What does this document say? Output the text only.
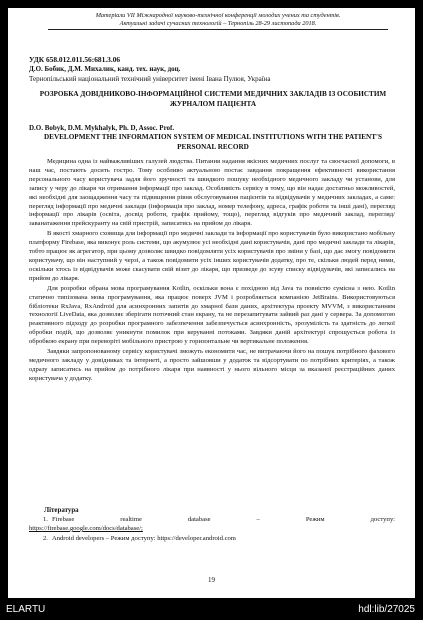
Матеріали VII Міжнародної науково-технічної конференції молодих учених та студентів.
Актуальні задачі сучасних технологій – Тернопіль 28-29 листопада 2018.
УДК 658.012.011.56:681.3.06
Д.О. Бобик, Д.М. Михалик, канд. тех. наук, доц.
Тернопільський національний технічний університет імені Івана Пулюя, Україна
РОЗРОБКА ДОВІДНИКОВО-ІНФОРМАЦІЙНОЇ СИСТЕМИ МЕДИЧНИХ ЗАКЛАДІВ ІЗ ОСОБИСТИМ ЖУРНАЛОМ ПАЦІЄНТА
D.O. Bobyk, D.M. Mykhalyk, Ph. D, Assoc. Prof.
DEVELOPMENT THE INFORMATION SYSTEM OF MEDICAL INSTITUTIONS WITH THE PATIENT'S PERSONAL RECORD

Медицина одна із найважливіших галузей людства. Питання надання якісних медичних послуг та своєчасної допомоги, в наш час, постають досить гостро. Тому особливо актуальною постає завдання покращення ефективності використання персонального часу користувача задля його зручності та швидкого пошуку необхідного медичного закладу чи установи, для запису у черу до лікаря чи отримання інформації про заклад. Особливість сервісу в тому, що він надає достатньо можливостей, які необхідні для заощадження часу та підвищення рівня обслуговування пацієнтів та відвідувачів у медичних закладах, а саме: перегляд інформації про медичні заклади (інформація про заклад, номер телефону, адреса, графік роботи та інші дані), перегляд інформації про лікарів (освіта, досвід роботи, графік прийому, тощо), перегляд відгуків про медичний заклад, перегляд/заванатаження прейскуранту на свій пристрій, записатись на прийом до лікаря.

В якості хмарного сховища для інформації про медичні заклади та інформації про користувачів було використано мобільну платформу Firebase, яка виконує роль системи, що акумулює усі необхідні дані користувачів, дані про медичні заклади та лікарів, тобто працює як агрегатор, при цьому дозволяє швидко повідомляти усіх користувачів про зміни у базі, що дає змогу повідомити користувачу, що він наступний у черзі, а також повідомити усіх інших користувачів додатку, про те, скільки людей перед ними, оскільки хтось із відвідувачів може скасувати свій візит до лікаря, що призведе до зсуву списку відвідувачів, які записались на прийом до лікаря.

Для розробки обрана мова програмування Kotlin, оскільки вона є похідною від Java та повністю сумісна з нею. Kotlin статично типізована мова програмування, яка працює поверх JVM і розробляється компанією JetBrains. Використовуються бібліотеки RxJava, RxAndroid для асинхронних запитів до хмарної бази даних, архітектура проекту MVVM, з використанням технології LiveData, яка дозволяє зберігати поточний стан екрану, та не перезапитувати зайвий раз дані у сервера. За допомогою реактивного підходу до розробки програмного забезпечення забезпечується асинхронність, зрозумілість та здатність до легкої обробки подій, що дозволяє уникнути помилок при керуванні потоками. Завдяки даній архітектурі спрощується робота із обробкою екрану при переворіті мобільного пристрою у горизонтальне чи вертикальне положення.

Завдяки запропонованому сервісу користувачі зможуть економити час, не витрачаючи його на пошук потрібного фахового медичного закладу у довідниках та інтернеті, а просто зайшовши у додаток та відсортувати по потрібних критеріях, а також одразу записатись на прийом до потрібного лікаря при наявності у нього вільного місця за вказаної реєстраційних даних користувача у додатку.

Література
1. Firebase realtime database – Режим доступу:
https://firebase.google.com/docs/database/;
2. Android developers – Режим доступу: https://developer.android.com
19
ELARTU	hdl:lib/27025
